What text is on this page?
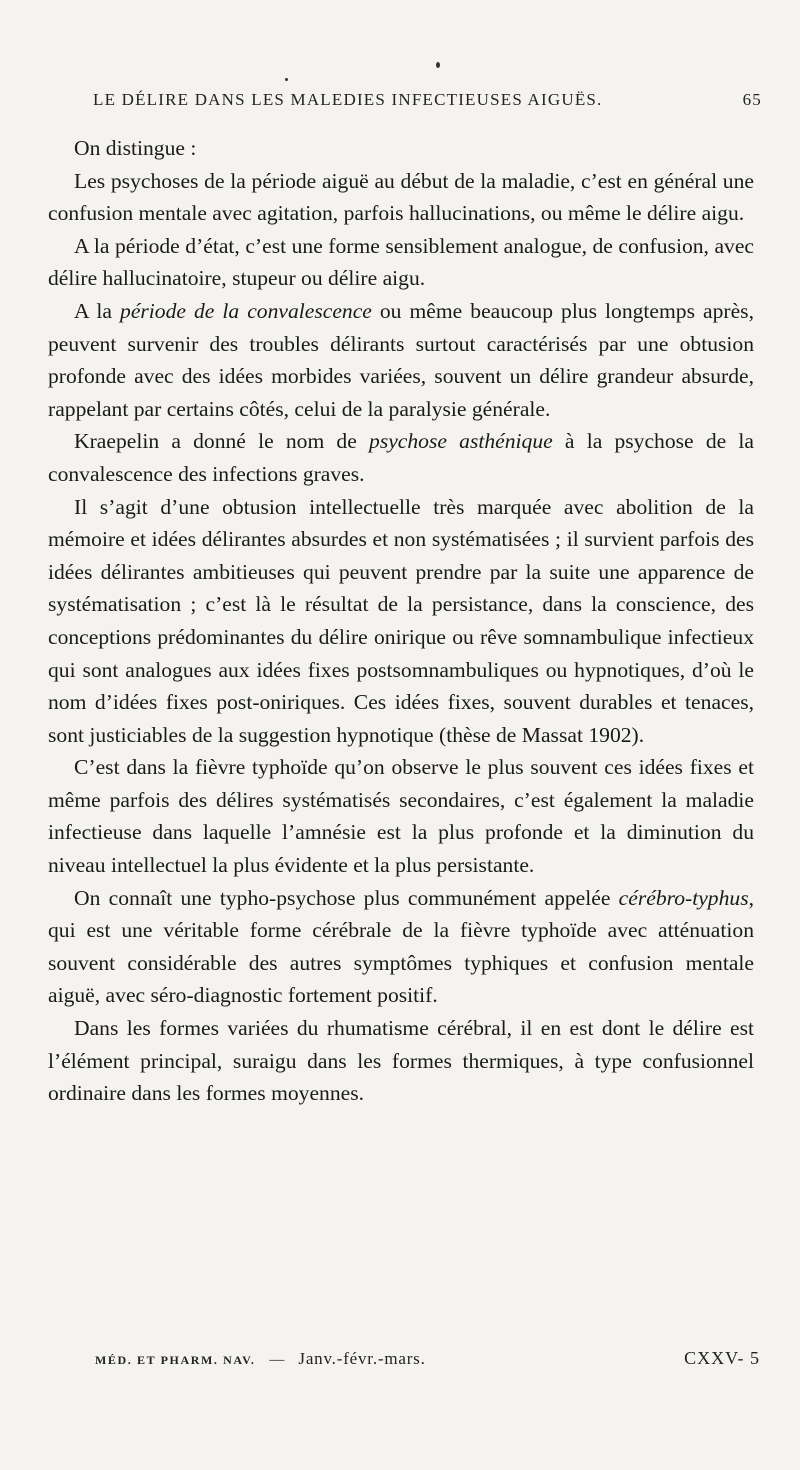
LE DÉLIRE DANS LES MALEDIES INFECTIEUSES AIGUËS.	65

On distingue :

Les psychoses de la période aiguë au début de la maladie, c’est en général une confusion mentale avec agitation, parfois hallucinations, ou même le délire aigu.

A la période d’état, c’est une forme sensiblement analogue, de confusion, avec délire hallucinatoire, stupeur ou délire aigu.

A la période de la convalescence ou même beaucoup plus longtemps après, peuvent survenir des troubles délirants surtout caractérisés par une obtusion profonde avec des idées morbides variées, souvent un délire grandeur absurde, rappelant par certains côtés, celui de la paralysie générale.

Kraepelin a donné le nom de psychose asthénique à la psychose de la convalescence des infections graves.

Il s’agit d’une obtusion intellectuelle très marquée avec abolition de la mémoire et idées délirantes absurdes et non systématisées ; il survient parfois des idées délirantes ambitieuses qui peuvent prendre par la suite une apparence de systématisation ; c’est là le résultat de la persistance, dans la conscience, des conceptions prédominantes du délire onirique ou rêve somnambulique infectieux qui sont analogues aux idées fixes postsomnambuliques ou hypnotiques, d’où le nom d’idées fixes post-oniriques. Ces idées fixes, souvent durables et tenaces, sont justiciables de la suggestion hypnotique (thèse de Massat 1902).

C’est dans la fièvre typhoïde qu’on observe le plus souvent ces idées fixes et même parfois des délires systématisés secondaires, c’est également la maladie infectieuse dans laquelle l’amnésie est la plus profonde et la diminution du niveau intellectuel la plus évidente et la plus persistante.

On connaît une typho-psychose plus communément appelée cérébro-typhus, qui est une véritable forme cérébrale de la fièvre typhoïde avec atténuation souvent considérable des autres symptômes typhiques et confusion mentale aiguë, avec séro-diagnostic fortement positif.

Dans les formes variées du rhumatisme cérébral, il en est dont le délire est l’élément principal, suraigu dans les formes thermiques, à type confusionnel ordinaire dans les formes moyennes.

MÉD. ET PHARM. NAV. — Janv.-févr.-mars.	CXXV- 5
